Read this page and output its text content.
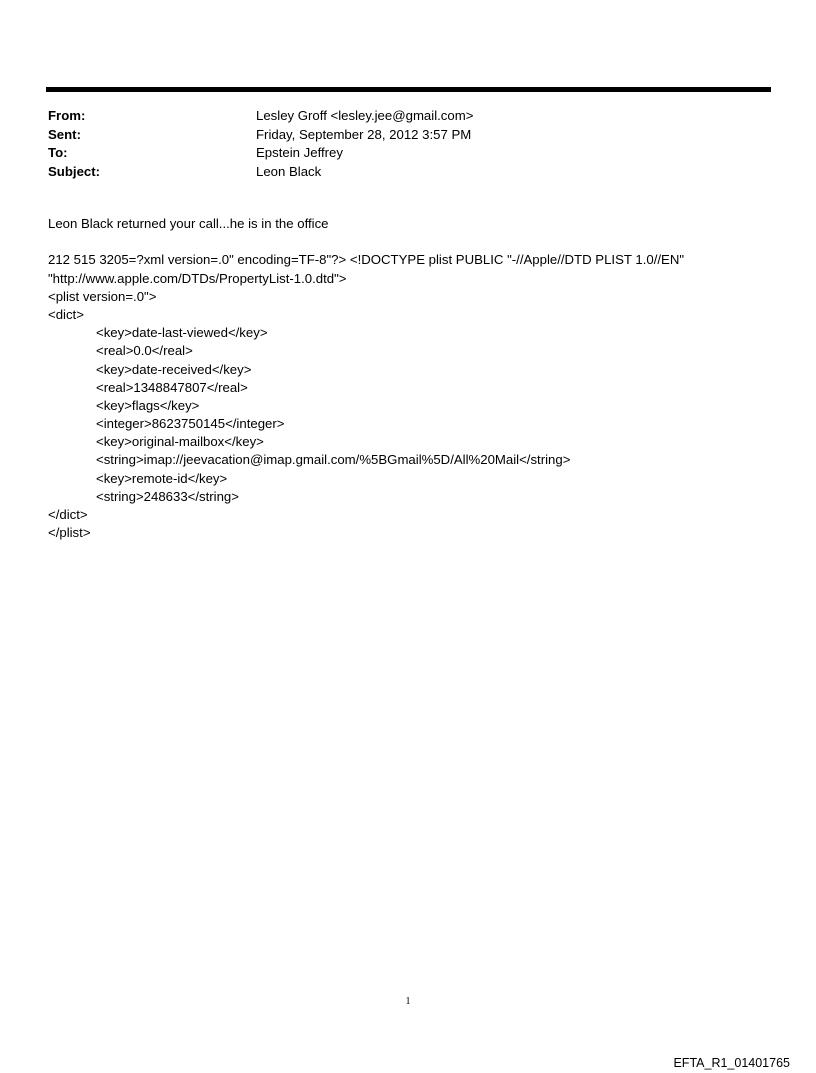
From:	Lesley Groff <lesley.jee@gmail.com>
Sent:	Friday, September 28, 2012 3:57 PM
To:	Epstein Jeffrey
Subject:	Leon Black
Leon Black returned your call...he is in the office
212 515 3205=?xml version=.0" encoding=TF-8"?> <!DOCTYPE plist PUBLIC "-//Apple//DTD PLIST 1.0//EN"
"http://www.apple.com/DTDs/PropertyList-1.0.dtd">
<plist version=.0">
<dict>
<key>date-last-viewed</key>
<real>0.0</real>
<key>date-received</key>
<real>1348847807</real>
<key>flags</key>
<integer>8623750145</integer>
<key>original-mailbox</key>
<string>imap://jeevacation@imap.gmail.com/%5BGmail%5D/All%20Mail</string>
<key>remote-id</key>
<string>248633</string>
</dict>
</plist>
1
EFTA_R1_01401765
